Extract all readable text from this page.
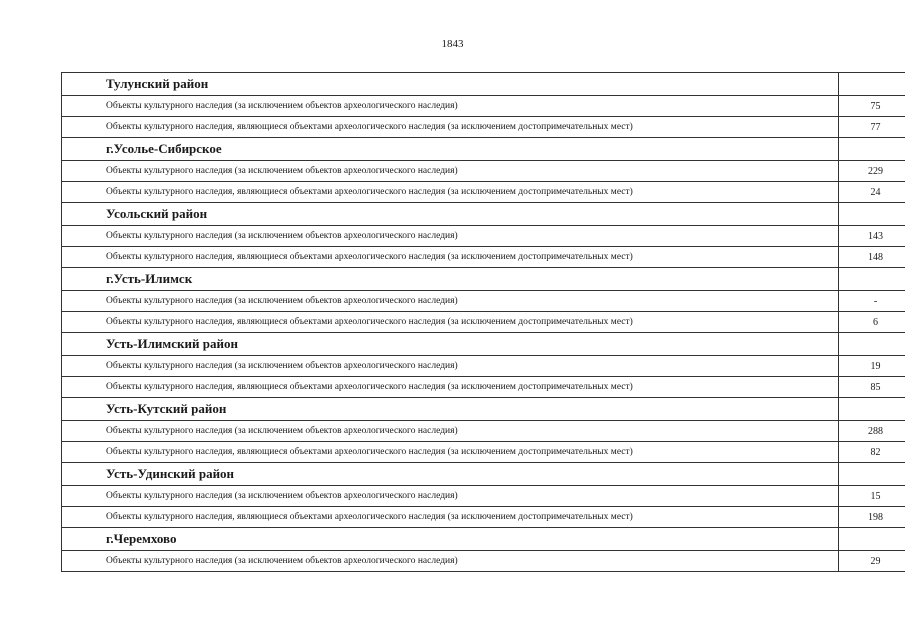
1843
Тулунский район	
Объекты культурного наследия (за исключением объектов археологического наследия)	75
Объекты культурного наследия, являющиеся объектами археологического наследия (за исключением достопримечательных мест)	77
г.Усолье-Сибирское	
Объекты культурного наследия (за исключением объектов археологического наследия)	229
Объекты культурного наследия, являющиеся объектами археологического наследия (за исключением достопримечательных мест)	24
Усольский район	
Объекты культурного наследия (за исключением объектов археологического наследия)	143
Объекты культурного наследия, являющиеся объектами археологического наследия (за исключением достопримечательных мест)	148
г.Усть-Илимск	
Объекты культурного наследия (за исключением объектов археологического наследия)	-
Объекты культурного наследия, являющиеся объектами археологического наследия (за исключением достопримечательных мест)	6
Усть-Илимский район	
Объекты культурного наследия (за исключением объектов археологического наследия)	19
Объекты культурного наследия, являющиеся объектами археологического наследия (за исключением достопримечательных мест)	85
Усть-Кутский район	
Объекты культурного наследия (за исключением объектов археологического наследия)	288
Объекты культурного наследия, являющиеся объектами археологического наследия (за исключением достопримечательных мест)	82
Усть-Удинский район	
Объекты культурного наследия (за исключением объектов археологического наследия)	15
Объекты культурного наследия, являющиеся объектами археологического наследия (за исключением достопримечательных мест)	198
г.Черемхово	
Объекты культурного наследия (за исключением объектов археологического наследия)	29
